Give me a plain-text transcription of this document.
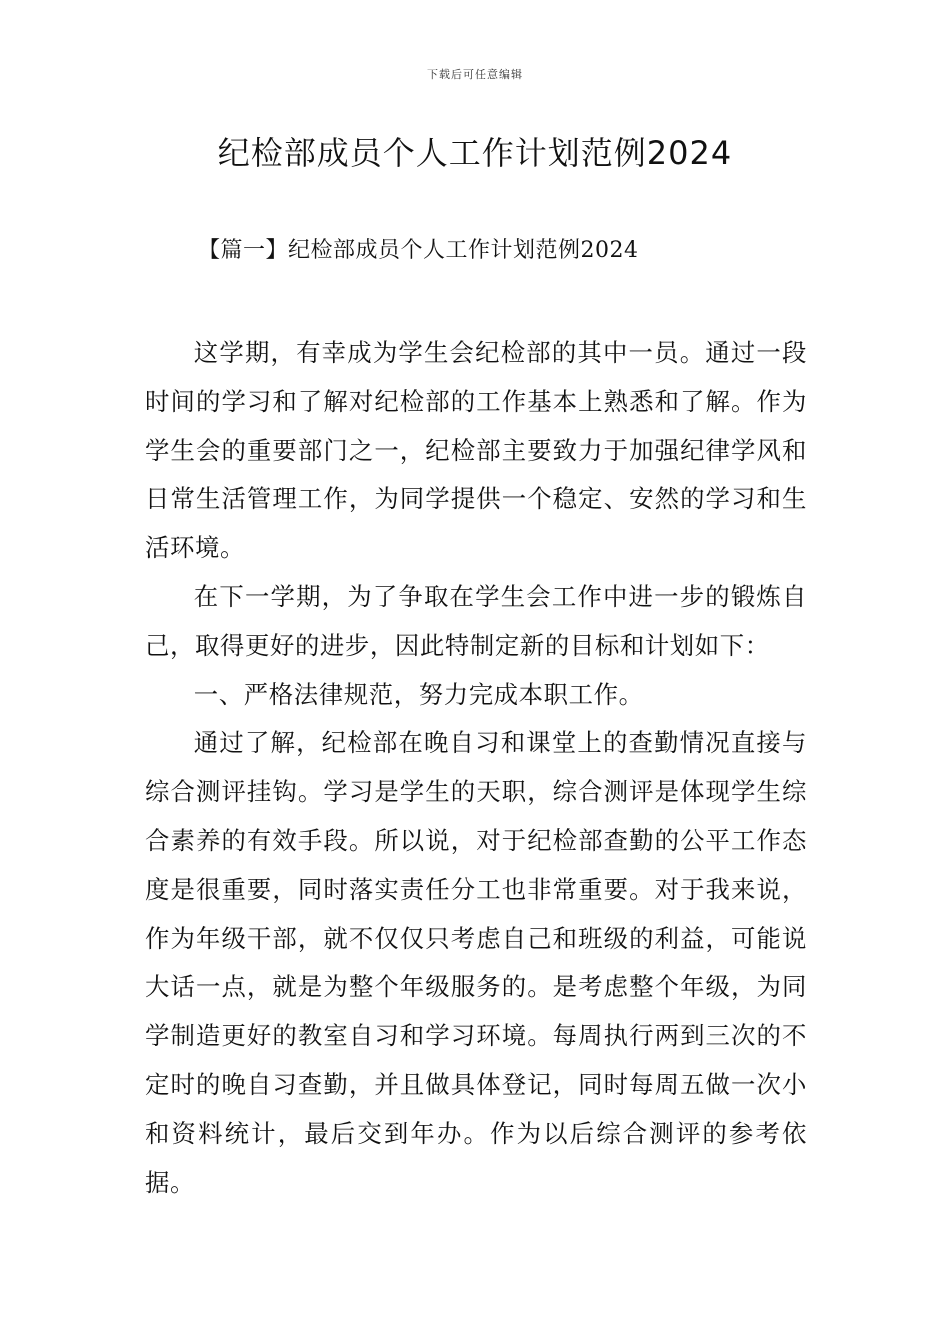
下载后可任意编辑
纪检部成员个人工作计划范例2024

【篇一】纪检部成员个人工作计划范例2024

这学期，有幸成为学生会纪检部的其中一员。通过一段时间的学习和了解对纪检部的工作基本上熟悉和了解。作为学生会的重要部门之一，纪检部主要致力于加强纪律学风和日常生活管理工作，为同学提供一个稳定、安然的学习和生活环境。

在下一学期，为了争取在学生会工作中进一步的锻炼自己，取得更好的进步，因此特制定新的目标和计划如下：

一、严格法律规范，努力完成本职工作。

通过了解，纪检部在晚自习和课堂上的查勤情况直接与综合测评挂钩。学习是学生的天职，综合测评是体现学生综合素养的有效手段。所以说，对于纪检部查勤的公平工作态度是很重要，同时落实责任分工也非常重要。对于我来说，作为年级干部，就不仅仅只考虑自己和班级的利益，可能说大话一点，就是为整个年级服务的。是考虑整个年级，为同学制造更好的教室自习和学习环境。每周执行两到三次的不定时的晚自习查勤，并且做具体登记，同时每周五做一次小和资料统计，最后交到年办。作为以后综合测评的参考依据。
